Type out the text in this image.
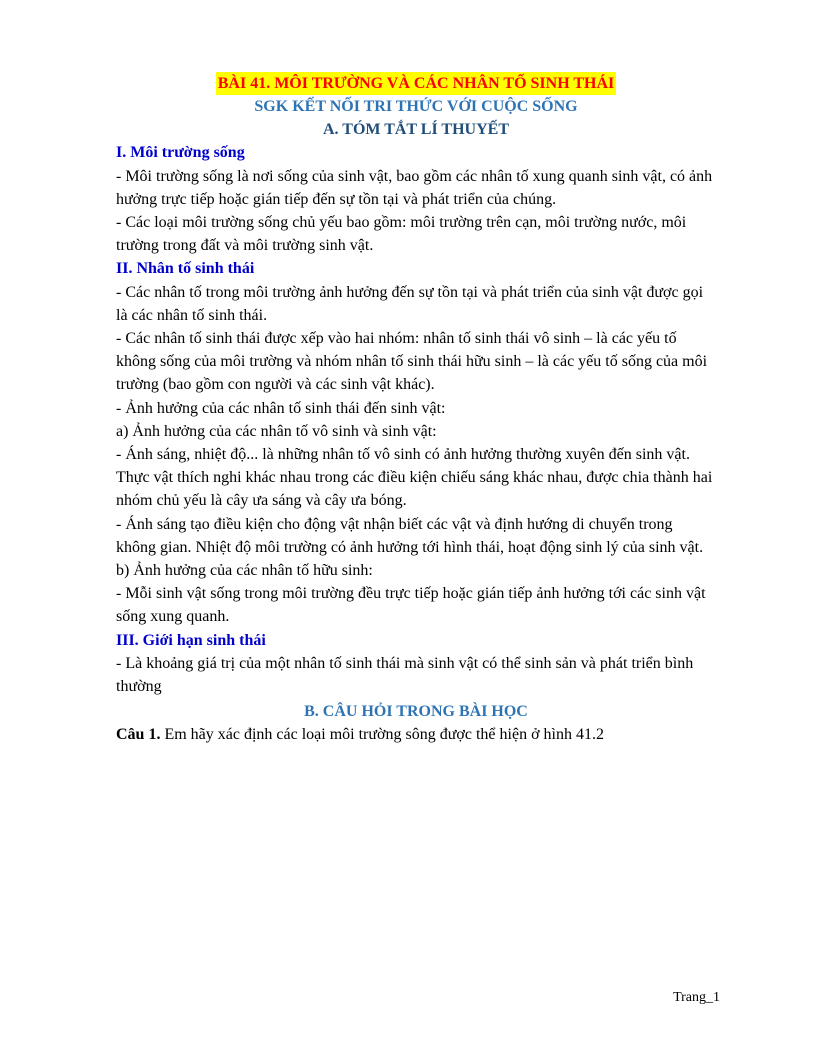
BÀI 41. MÔI TRƯỜNG VÀ CÁC NHÂN TỐ SINH THÁI
SGK KẾT NỐI TRI THỨC VỚI CUỘC SỐNG
A. TÓM TẮT LÍ THUYẾT
I. Môi trường sống

- Môi trường sống là nơi sống của sinh vật, bao gồm các nhân tố xung quanh sinh vật, có ảnh hưởng trực tiếp hoặc gián tiếp đến sự tồn tại và phát triển của chúng.

- Các loại môi trường sống chủ yếu bao gồm: môi trường trên cạn, môi trường nước, môi trường trong đất và môi trường sinh vật.

II. Nhân tố sinh thái

- Các nhân tố trong môi trường ảnh hưởng đến sự tồn tại và phát triển của sinh vật được gọi là các nhân tố sinh thái.

- Các nhân tố sinh thái được xếp vào hai nhóm: nhân tố sinh thái vô sinh – là các yếu tố không sống của môi trường và nhóm nhân tố sinh thái hữu sinh – là các yếu tố sống của môi trường (bao gồm con người và các sinh vật khác).

- Ảnh hưởng của các nhân tố sinh thái đến sinh vật:

a) Ảnh hưởng của các nhân tố vô sinh và sinh vật:

- Ánh sáng, nhiệt độ... là những nhân tố vô sinh có ảnh hưởng thường xuyên đến sinh vật. Thực vật thích nghi khác nhau trong các điều kiện chiếu sáng khác nhau, được chia thành hai nhóm chủ yếu là cây ưa sáng và cây ưa bóng.

- Ánh sáng tạo điều kiện cho động vật nhận biết các vật và định hướng di chuyển trong không gian. Nhiệt độ môi trường có ảnh hưởng tới hình thái, hoạt động sinh lý của sinh vật.

b) Ảnh hưởng của các nhân tố hữu sinh:

- Mỗi sinh vật sống trong môi trường đều trực tiếp hoặc gián tiếp ảnh hưởng tới các sinh vật sống xung quanh.

III. Giới hạn sinh thái

- Là khoảng giá trị của một nhân tố sinh thái mà sinh vật có thể sinh sản và phát triển bình thường

B. CÂU HỎI TRONG BÀI HỌC

Câu 1. Em hãy xác định các loại môi trường sông được thể hiện ở hình 41.2

Trang_1
